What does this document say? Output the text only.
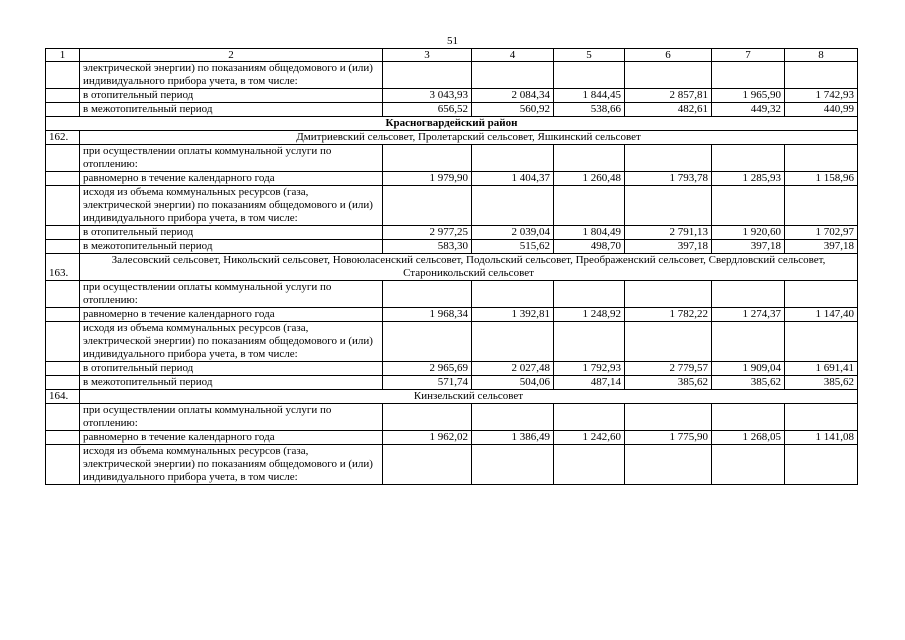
51
1	2	3	4	5	6	7	8
	электрической энергии) по показаниям общедомового и (или) индивидуального прибора учета, в том числе:						
	в отопительный период	3 043,93	2 084,34	1 844,45	2 857,81	1 965,90	1 742,93
	в межотопительный период	656,52	560,92	538,66	482,61	449,32	440,99
Красногвардейский район							
162.	Дмитриевский сельсовет, Пролетарский сельсовет, Яшкинский сельсовет						
	при осуществлении оплаты коммунальной услуги по отоплению:						
	равномерно в течение календарного года	1 979,90	1 404,37	1 260,48	1 793,78	1 285,93	1 158,96
	исходя из объема коммунальных ресурсов (газа, электрической энергии) по показаниям общедомового и (или) индивидуального прибора учета, в том числе:						
	в отопительный период	2 977,25	2 039,04	1 804,49	2 791,13	1 920,60	1 702,97
	в межотопительный период	583,30	515,62	498,70	397,18	397,18	397,18
163.	Залесовский сельсовет, Никольский сельсовет, Новоюласенский сельсовет, Подольский сельсовет, Преображенский сельсовет, Свердловский сельсовет, Староникольский сельсовет						
	при осуществлении оплаты коммунальной услуги по отоплению:						
	равномерно в течение календарного года	1 968,34	1 392,81	1 248,92	1 782,22	1 274,37	1 147,40
	исходя из объема коммунальных ресурсов (газа, электрической энергии) по показаниям общедомового и (или) индивидуального прибора учета, в том числе:						
	в отопительный период	2 965,69	2 027,48	1 792,93	2 779,57	1 909,04	1 691,41
	в межотопительный период	571,74	504,06	487,14	385,62	385,62	385,62
164.	Кинзельский сельсовет						
	при осуществлении оплаты коммунальной услуги по отоплению:						
	равномерно в течение календарного года	1 962,02	1 386,49	1 242,60	1 775,90	1 268,05	1 141,08
	исходя из объема коммунальных ресурсов (газа, электрической энергии) по показаниям общедомового и (или) индивидуального прибора учета, в том числе:						
